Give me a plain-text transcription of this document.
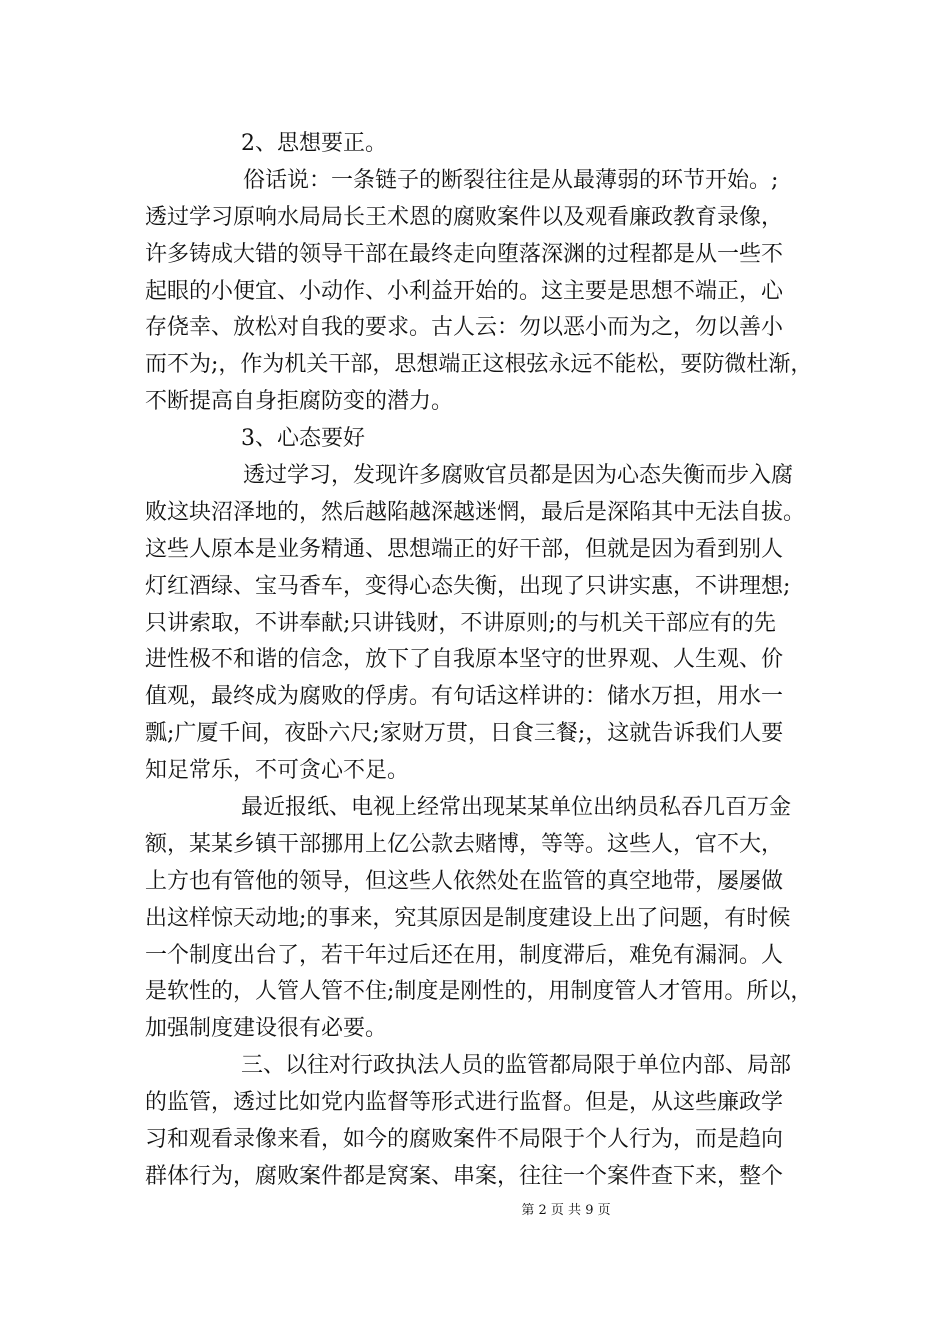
2、思想要正。
俗话说：一条链子的断裂往往是从最薄弱的环节开始。;
透过学习原响水局局长王术恩的腐败案件以及观看廉政教育录像，
许多铸成大错的领导干部在最终走向堕落深渊的过程都是从一些不
起眼的小便宜、小动作、小利益开始的。这主要是思想不端正，心
存侥幸、放松对自我的要求。古人云：勿以恶小而为之，勿以善小
而不为;，作为机关干部，思想端正这根弦永远不能松，要防微杜渐，
不断提高自身拒腐防变的潜力。
3、心态要好
透过学习，发现许多腐败官员都是因为心态失衡而步入腐
败这块沼泽地的，然后越陷越深越迷惘，最后是深陷其中无法自拔。
这些人原本是业务精通、思想端正的好干部，但就是因为看到别人
灯红酒绿、宝马香车，变得心态失衡，出现了只讲实惠，不讲理想;
只讲索取，不讲奉献;只讲钱财，不讲原则;的与机关干部应有的先
进性极不和谐的信念，放下了自我原本坚守的世界观、人生观、价
值观，最终成为腐败的俘虏。有句话这样讲的：储水万担，用水一
瓢;广厦千间，夜卧六尺;家财万贯，日食三餐;，这就告诉我们人要
知足常乐，不可贪心不足。
最近报纸、电视上经常出现某某单位出纳员私吞几百万金
额，某某乡镇干部挪用上亿公款去赌博，等等。这些人，官不大，
上方也有管他的领导，但这些人依然处在监管的真空地带，屡屡做
出这样惊天动地;的事来，究其原因是制度建设上出了问题，有时候
一个制度出台了，若干年过后还在用，制度滞后，难免有漏洞。人
是软性的，人管人管不住;制度是刚性的，用制度管人才管用。所以，
加强制度建设很有必要。
三、以往对行政执法人员的监管都局限于单位内部、局部
的监管，透过比如党内监督等形式进行监督。但是，从这些廉政学
习和观看录像来看，如今的腐败案件不局限于个人行为，而是趋向
群体行为，腐败案件都是窝案、串案，往往一个案件查下来，整个
第 2 页 共 9 页
